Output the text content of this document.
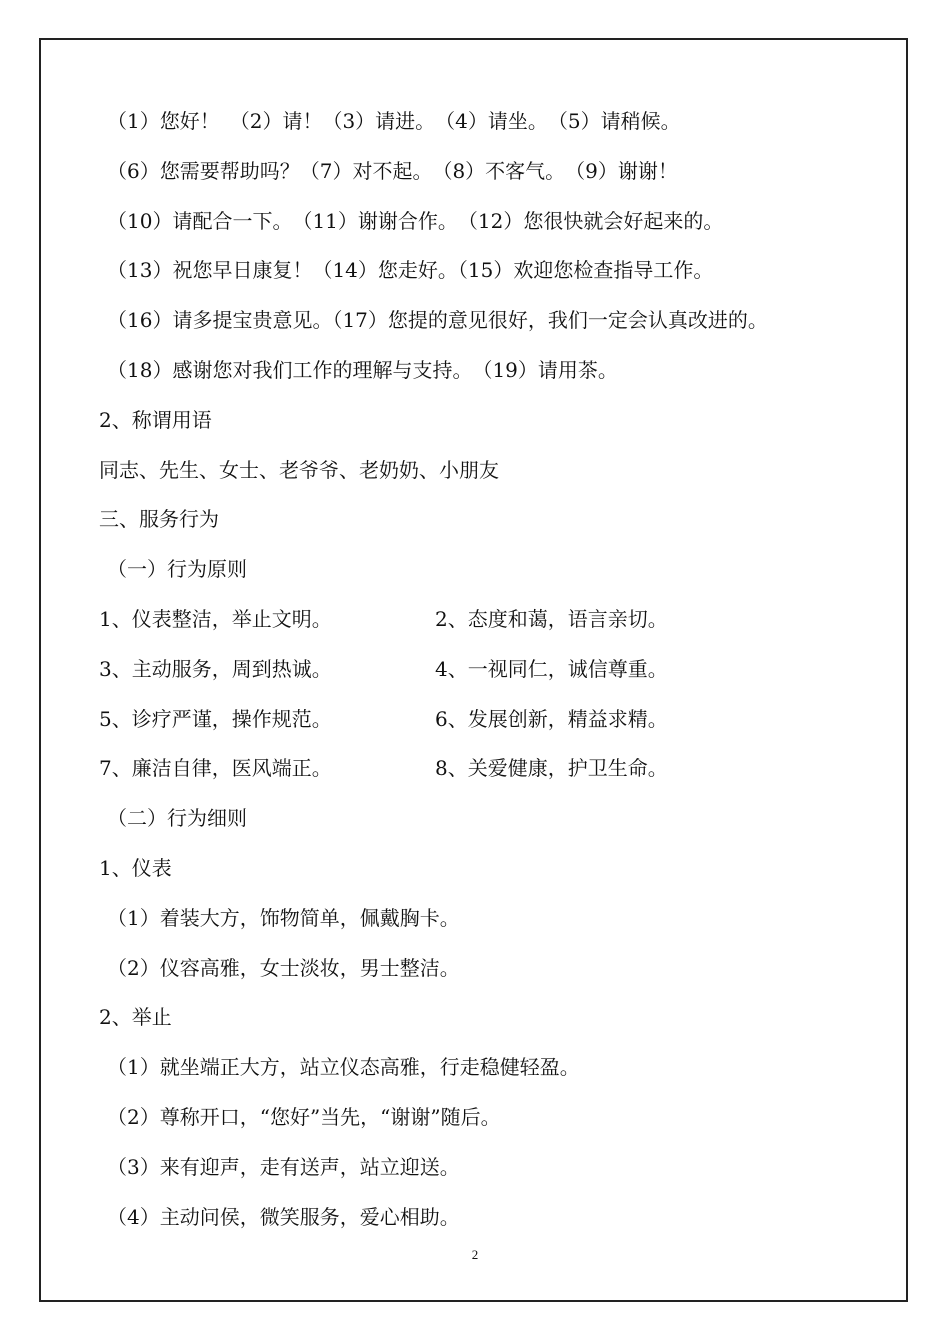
（1）您好！　（2）请！（3）请进。　（4）请坐。　（5）请稍候。
（6）您需要帮助吗？（7）对不起。　（8）不客气。　（9）谢谢！
（10）请配合一下。　（11）谢谢合作。　（12）您很快就会好起来的。
（13）祝您早日康复！（14）您走好。（15）欢迎您检查指导工作。
（16）请多提宝贵意见。（17）您提的意见很好，我们一定会认真改进的。
（18）感谢您对我们工作的理解与支持。　（19）请用茶。
2、称谓用语
同志、先生、女士、老爷爷、老奶奶、小朋友
三、服务行为
（一）行为原则
1、仪表整洁，举止文明。	2、态度和蔼，语言亲切。
3、主动服务，周到热诚。	4、一视同仁，诚信尊重。
5、诊疗严谨，操作规范。	6、发展创新，精益求精。
7、廉洁自律，医风端正。	8、关爱健康，护卫生命。
（二）行为细则
1、仪表
（1）着装大方，饰物简单，佩戴胸卡。
（2）仪容高雅，女士淡妆，男士整洁。
2、举止
（1）就坐端正大方，站立仪态高雅，行走稳健轻盈。
（2）尊称开口，“您好”当先，“谢谢”随后。
（3）来有迎声，走有送声，站立迎送。
（4）主动问侯，微笑服务，爱心相助。
2
